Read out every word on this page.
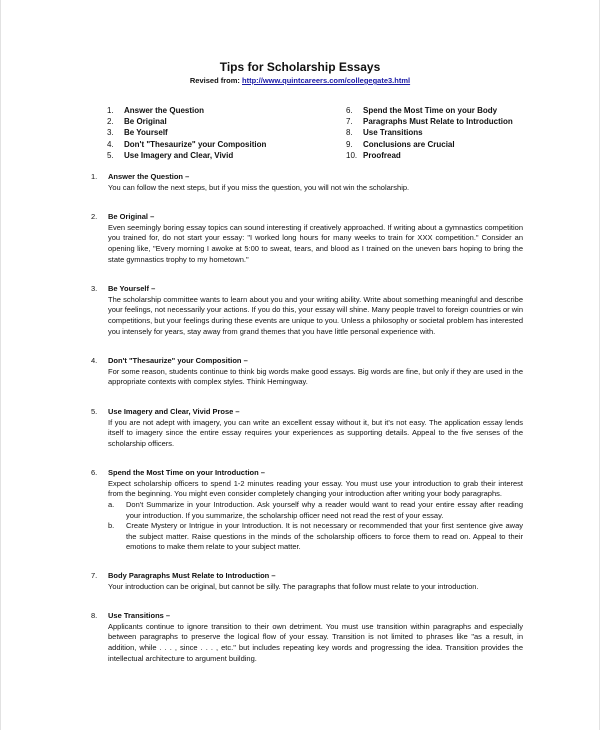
Tips for Scholarship Essays
Revised from: http://www.quintcareers.com/collegegate3.html
1.	Answer the Question
2.	Be Original
3.	Be Yourself
4.	Don't "Thesaurize" your Composition
5.	Use Imagery and Clear, Vivid
6.	Spend the Most Time on your Body
7.	Paragraphs Must Relate to Introduction
8.	Use Transitions
9.	Conclusions are Crucial
10. Proofread
1.	Answer the Question –
You can follow the next steps, but if you miss the question, you will not win the scholarship.
2.	Be Original –
Even seemingly boring essay topics can sound interesting if creatively approached. If writing about a gymnastics competition you trained for, do not start your essay: "I worked long hours for many weeks to train for XXX competition." Consider an opening like, "Every morning I awoke at 5:00 to sweat, tears, and blood as I trained on the uneven bars hoping to bring the state gymnastics trophy to my hometown."
3.	Be Yourself –
The scholarship committee wants to learn about you and your writing ability. Write about something meaningful and describe your feelings, not necessarily your actions. If you do this, your essay will shine. Many people travel to foreign countries or win competitions, but your feelings during these events are unique to you. Unless a philosophy or societal problem has interested you intensely for years, stay away from grand themes that you have little personal experience with.
4.	Don't "Thesaurize" your Composition –
For some reason, students continue to think big words make good essays. Big words are fine, but only if they are used in the appropriate contexts with complex styles. Think Hemingway.
5.	Use Imagery and Clear, Vivid Prose –
If you are not adept with imagery, you can write an excellent essay without it, but it's not easy. The application essay lends itself to imagery since the entire essay requires your experiences as supporting details. Appeal to the five senses of the scholarship officers.
6.	Spend the Most Time on your Introduction –
Expect scholarship officers to spend 1-2 minutes reading your essay. You must use your introduction to grab their interest from the beginning. You might even consider completely changing your introduction after writing your body paragraphs.
a.	Don't Summarize in your Introduction. Ask yourself why a reader would want to read your entire essay after reading your introduction. If you summarize, the scholarship officer need not read the rest of your essay.
b.	Create Mystery or Intrigue in your Introduction. It is not necessary or recommended that your first sentence give away the subject matter. Raise questions in the minds of the scholarship officers to force them to read on. Appeal to their emotions to make them relate to your subject matter.
7.	Body Paragraphs Must Relate to Introduction –
Your introduction can be original, but cannot be silly. The paragraphs that follow must relate to your introduction.
8.	Use Transitions –
Applicants continue to ignore transition to their own detriment. You must use transition within paragraphs and especially between paragraphs to preserve the logical flow of your essay. Transition is not limited to phrases like "as a result, in addition, while . . . , since . . . , etc." but includes repeating key words and progressing the idea. Transition provides the intellectual architecture to argument building.
